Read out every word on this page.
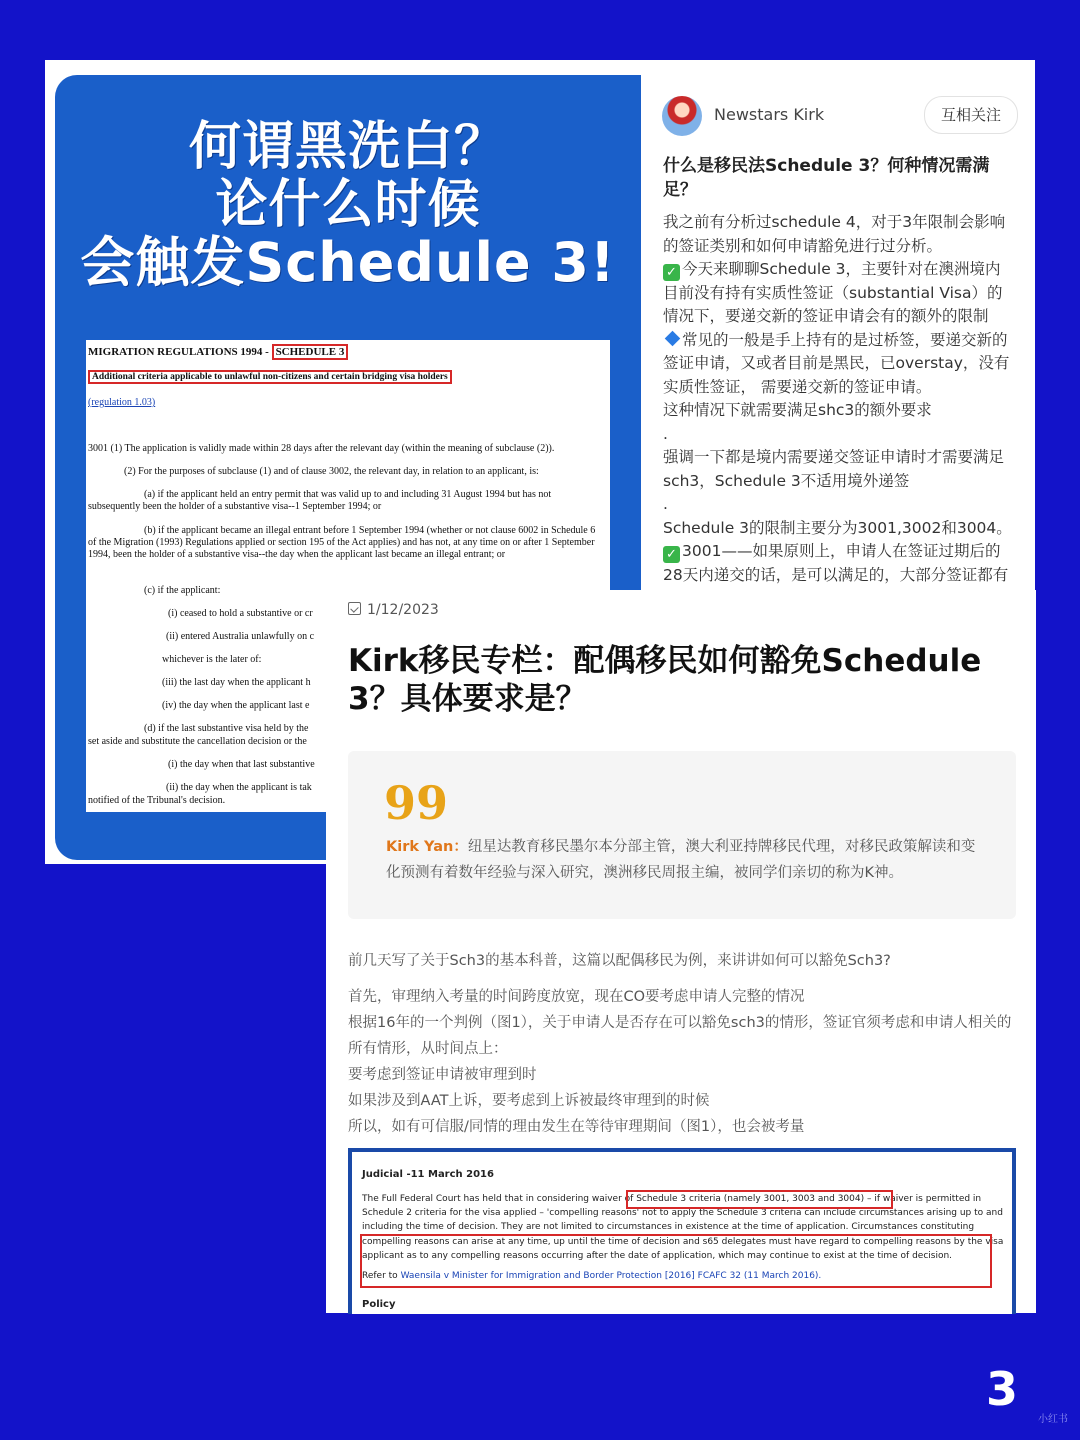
何谓黑洗白？
论什么时候
会触发Schedule 3!
MIGRATION REGULATIONS 1994 - SCHEDULE 3
Additional criteria applicable to unlawful non-citizens and certain bridging visa holders
(regulation 1.03)
3001 (1) The application is validly made within 28 days after the relevant day (within the meaning of subclause (2)).
(2) For the purposes of subclause (1) and of clause 3002, the relevant day, in relation to an applicant, is:
(a) if the applicant held an entry permit that was valid up to and including 31 August 1994 but has not subsequently been the holder of a substantive visa--1 September 1994; or
(b) if the applicant became an illegal entrant before 1 September 1994 (whether or not clause 6002 in Schedule 6 of the Migration (1993) Regulations applied or section 195 of the Act applies) and has not, at any time on or after 1 September 1994, been the holder of a substantive visa--the day when the applicant last became an illegal entrant; or
(c) if the applicant:
(i) ceased to hold a substantive or cr
(ii) entered Australia unlawfully on c
whichever is the later of:
(iii) the last day when the applicant h
(iv) the day when the applicant last e
(d) if the last substantive visa held by the
set aside and substitute the cancellation decision or the
(i) the day when that last substantive
(ii) the day when the applicant is tak
notified of the Tribunal's decision.
Newstars Kirk	互相关注
什么是移民法Schedule 3？何种情况需满足？

我之前有分析过schedule 4，对于3年限制会影响的签证类别和如何申请豁免进行过分析。

✓ 今天来聊聊Schedule 3，主要针对在澳洲境内目前没有持有实质性签证（substantial Visa）的情况下，要递交新的签证申请会有的额外的限制

常见的一般是手上持有的是过桥签，要递交新的签证申请，又或者目前是黑民，已overstay，没有实质性签证， 需要递交新的签证申请。

这种情况下就需要满足shc3的额外要求

.

强调一下都是境内需要递交签证申请时才需要满足sch3，Schedule 3不适用境外递签

.

Schedule 3的限制主要分为3001,3002和3004。

✓ 3001——如果原则上，申请人在签证过期后的28天内递交的话，是可以满足的，大部分签证都有

1/12/2023
Kirk移民专栏：配偶移民如何豁免Schedule 3？具体要求是？
99
Kirk Yan：纽星达教育移民墨尔本分部主管，澳大利亚持牌移民代理，对移民政策解读和变化预测有着数年经验与深入研究，澳洲移民周报主编，被同学们亲切的称为K神。

前几天写了关于Sch3的基本科普，这篇以配偶移民为例，来讲讲如何可以豁免Sch3?

首先，审理纳入考量的时间跨度放宽，现在CO要考虑申请人完整的情况

根据16年的一个判例（图1），关于申请人是否存在可以豁免sch3的情形，签证官须考虑和申请人相关的所有情形，从时间点上：

要考虑到签证申请被审理到时

如果涉及到AAT上诉，要考虑到上诉被最终审理到的时候

所以，如有可信服/同情的理由发生在等待审理期间（图1），也会被考量

Judicial -11 March 2016
The Full Federal Court has held that in considering waiver of Schedule 3 criteria (namely 3001, 3003 and 3004) – if waiver is permitted in Schedule 2 criteria for the visa applied – 'compelling reasons' not to apply the Schedule 3 criteria can include circumstances arising up to and including the time of decision. They are not limited to circumstances in existence at the time of application. Circumstances constituting compelling reasons can arise at any time, up until the time of decision and s65 delegates must have regard to compelling reasons by the visa applicant as to any compelling reasons occurring after the date of application, which may continue to exist at the time of decision.
Refer to Waensila v Minister for Immigration and Border Protection [2016] FCAFC 32 (11 March 2016).
Policy
3
小红书
